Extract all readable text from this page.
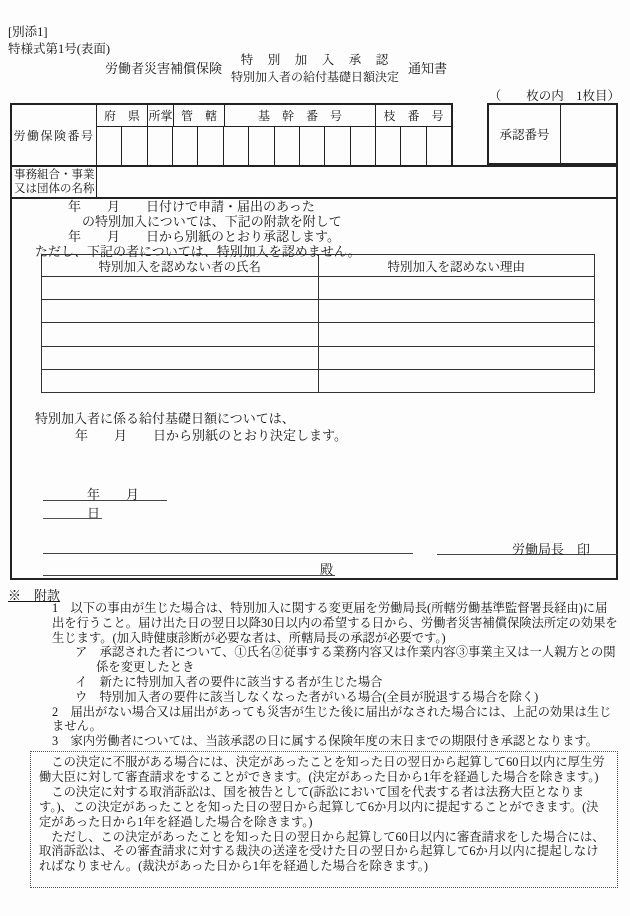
[別添1]
特様式第1号(表面)
労働者災害補償保険
特　別　加　入　承　認
特別加入者の給付基礎日額決定
通知書
（　　枚の内　1枚目）
労働保険番号
府　県 所掌 管　轄	基　幹　番　号	枝　番　号
承認番号
事務組合・事業
又は団体の名称
年　　月　　日付けで申請・届出のあった
の特別加入については、下記の附款を附して
年　　月　　日から別紙のとおり承認します。
ただし、下記の者については、特別加入を認めません。
特別加入を認めない者の氏名	特別加入を認めない理由
特別加入者に係る給付基礎日額については、
年　　月　　日から別紙のとおり決定します。
年　　月　　日
労働局長　印
殿
※　附款
1　以下の事由が生じた場合は、特別加入に関する変更届を労働局長(所轄労働基準監督署長経由)に届出を行うこと。届け出た日の翌日以降30日以内の希望する日から、労働者災害補償保険法所定の効果を生じます。(加入時健康診断が必要な者は、所轄局長の承認が必要です。)
ア　承認された者について、①氏名②従事する業務内容又は作業内容③事業主又は一人親方との関係を変更したとき
イ　新たに特別加入者の要件に該当する者が生じた場合
ウ　特別加入者の要件に該当しなくなった者がいる場合(全員が脱退する場合を除く)
2　届出がない場合又は届出があっても災害が生じた後に届出がなされた場合には、上記の効果は生じません。
3　家内労働者については、当該承認の日に属する保険年度の末日までの期限付き承認となります。

この決定に不服がある場合には、決定があったことを知った日の翌日から起算して60日以内に厚生労働大臣に対して審査請求をすることができます。(決定があった日から1年を経過した場合を除きます。)

この決定に対する取消訴訟は、国を被告として(訴訟において国を代表する者は法務大臣となります。)、この決定があったことを知った日の翌日から起算して6か月以内に提起することができます。(決定があった日から1年を経過した場合を除きます。)

ただし、この決定があったことを知った日の翌日から起算して60日以内に審査請求をした場合には、取消訴訟は、その審査請求に対する裁決の送達を受けた日の翌日から起算して6か月以内に提起しなければなりません。(裁決があった日から1年を経過した場合を除きます。)
